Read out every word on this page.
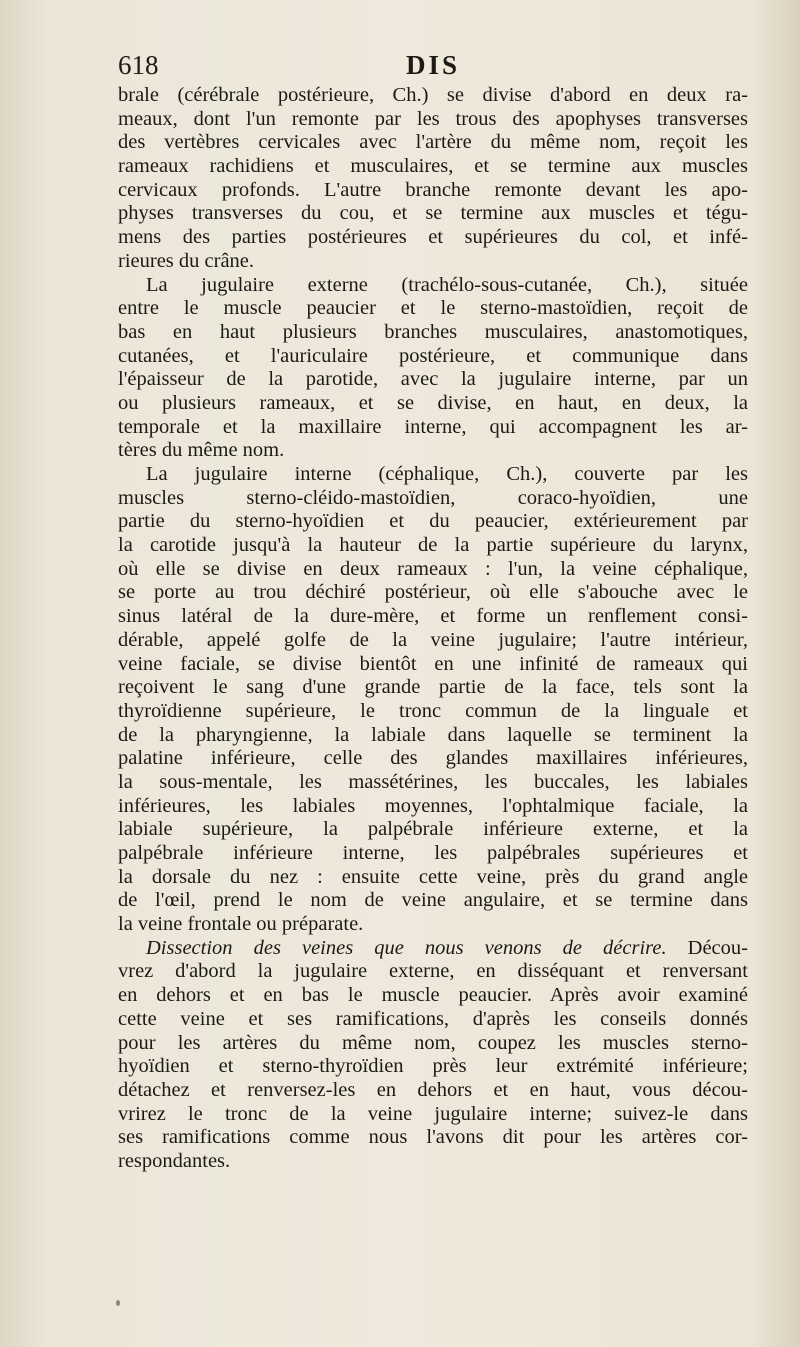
618	DIS
brale (cérébrale postérieure, Ch.) se divise d'abord en deux ra-
meaux, dont l'un remonte par les trous des apophyses transverses
des vertèbres cervicales avec l'artère du même nom, reçoit les
rameaux rachidiens et musculaires, et se termine aux muscles
cervicaux profonds. L'autre branche remonte devant les apo-
physes transverses du cou, et se termine aux muscles et tégu-
mens des parties postérieures et supérieures du col, et infé-
rieures du crâne.
La jugulaire externe (trachélo-sous-cutanée, Ch.), située
entre le muscle peaucier et le sterno-mastoïdien, reçoit de
bas en haut plusieurs branches musculaires, anastomotiques,
cutanées, et l'auriculaire postérieure, et communique dans
l'épaisseur de la parotide, avec la jugulaire interne, par un
ou plusieurs rameaux, et se divise, en haut, en deux, la
temporale et la maxillaire interne, qui accompagnent les ar-
tères du même nom.
La jugulaire interne (céphalique, Ch.), couverte par les
muscles sterno-cléido-mastoïdien, coraco-hyoïdien, une
partie du sterno-hyoïdien et du peaucier, extérieurement par
la carotide jusqu'à la hauteur de la partie supérieure du larynx,
où elle se divise en deux rameaux : l'un, la veine céphalique,
se porte au trou déchiré postérieur, où elle s'abouche avec le
sinus latéral de la dure-mère, et forme un renflement consi-
dérable, appelé golfe de la veine jugulaire; l'autre intérieur,
veine faciale, se divise bientôt en une infinité de rameaux qui
reçoivent le sang d'une grande partie de la face, tels sont la
thyroïdienne supérieure, le tronc commun de la linguale et
de la pharyngienne, la labiale dans laquelle se terminent la
palatine inférieure, celle des glandes maxillaires inférieures,
la sous-mentale, les massétérines, les buccales, les labiales
inférieures, les labiales moyennes, l'ophtalmique faciale, la
labiale supérieure, la palpébrale inférieure externe, et la
palpébrale inférieure interne, les palpébrales supérieures et
la dorsale du nez : ensuite cette veine, près du grand angle
de l'œil, prend le nom de veine angulaire, et se termine dans
la veine frontale ou préparate.
Dissection des veines que nous venons de décrire. Décou-
vrez d'abord la jugulaire externe, en disséquant et renversant
en dehors et en bas le muscle peaucier. Après avoir examiné
cette veine et ses ramifications, d'après les conseils donnés
pour les artères du même nom, coupez les muscles sterno-
hyoïdien et sterno-thyroïdien près leur extrémité inférieure;
détachez et renversez-les en dehors et en haut, vous décou-
vrirez le tronc de la veine jugulaire interne; suivez-le dans
ses ramifications comme nous l'avons dit pour les artères cor-
respondantes.
